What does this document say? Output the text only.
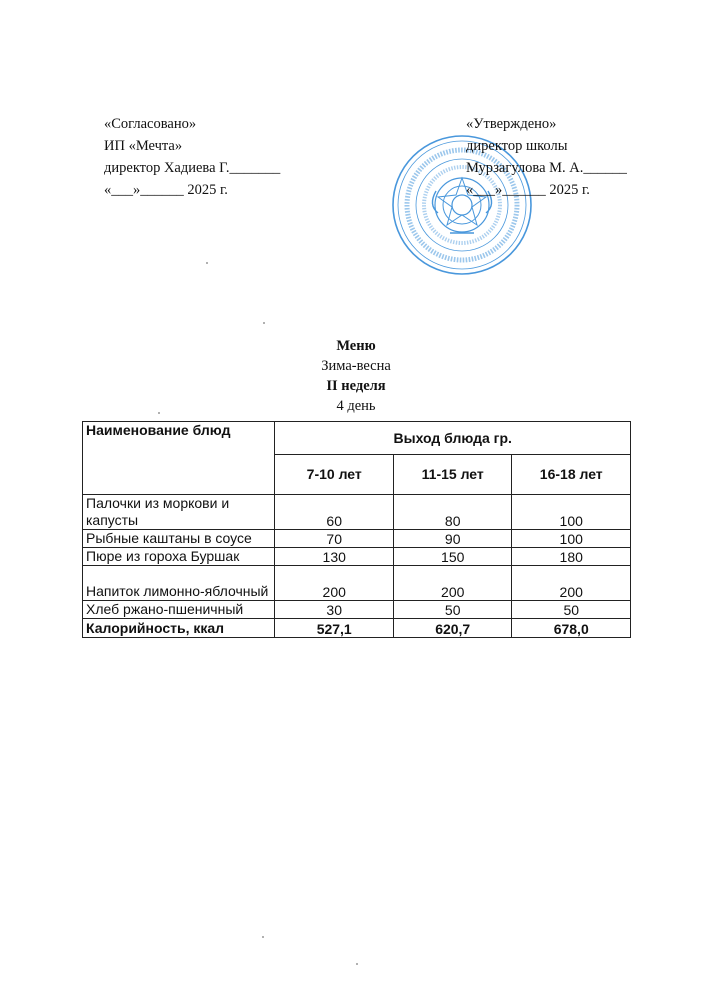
«Согласовано»
ИП «Мечта»
директор Хадиева Г._______
«___»______ 2025 г.
«Утверждено»
директор школы
Мурзагулова М. А.______
«___»______ 2025 г.
Меню
Зима-весна
II неделя
4 день
Наименование блюд	Выход блюда гр.		
	7-10 лет	11-15 лет	16-18 лет
Палочки из моркови и капусты	60	80	100
Рыбные каштаны в соусе	70	90	100
Пюре из гороха Буршак	130	150	180
Напиток лимонно-яблочный	200	200	200
Хлеб ржано-пшеничный	30	50	50
Калорийность, ккал	527,1	620,7	678,0
